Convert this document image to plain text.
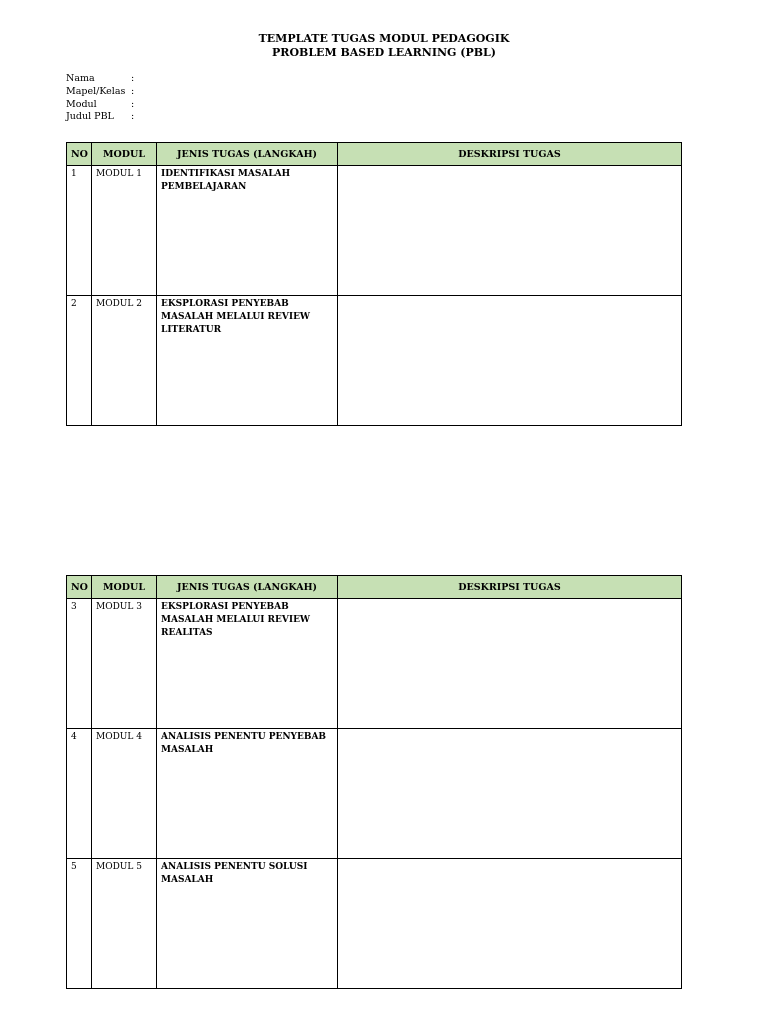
TEMPLATE TUGAS MODUL PEDAGOGIK
PROBLEM BASED LEARNING (PBL)
Nama	:
Mapel/Kelas :
Modul	:
Judul PBL	:
NO	MODUL	JENIS TUGAS (LANGKAH)	DESKRIPSI TUGAS
1	MODUL 1	IDENTIFIKASI MASALAH PEMBELAJARAN	
2	MODUL 2	EKSPLORASI PENYEBAB MASALAH MELALUI REVIEW LITERATUR	
NO	MODUL	JENIS TUGAS (LANGKAH)	DESKRIPSI TUGAS
3	MODUL 3	EKSPLORASI PENYEBAB MASALAH MELALUI REVIEW REALITAS	
4	MODUL 4	ANALISIS PENENTU PENYEBAB MASALAH	
5	MODUL 5	ANALISIS PENENTU SOLUSI MASALAH	
